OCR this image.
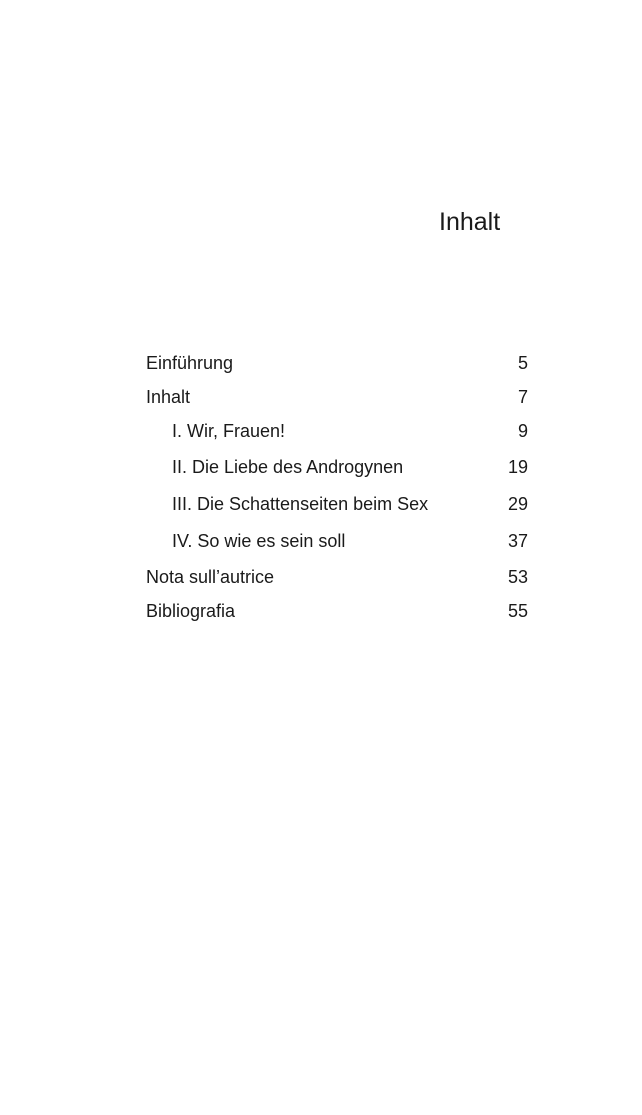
Inhalt
Einführung	5
Inhalt	7
I. Wir, Frauen!	9
II. Die Liebe des Androgynen	19
III. Die Schattenseiten beim Sex	29
IV. So wie es sein soll	37
Nota sull’autrice	53
Bibliografia	55
